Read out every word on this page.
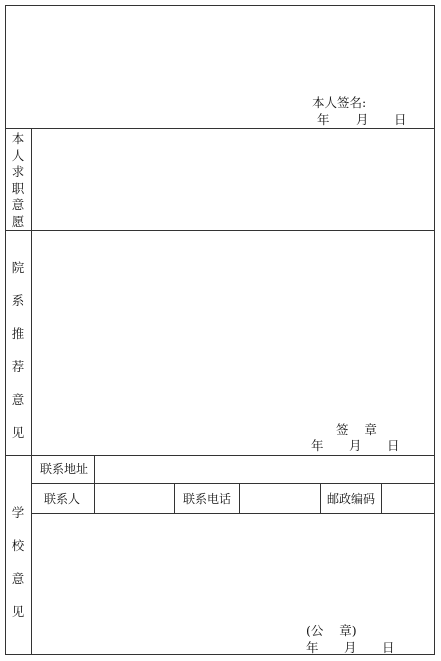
本人签名:
年 月 日
本
人
求
职
意
愿
院
系
推
荐
意
见	签    章
年 月 日
学
校
意
见
联系地址
联系人	联系电话	邮政编码
(公    章)
年 月 日
